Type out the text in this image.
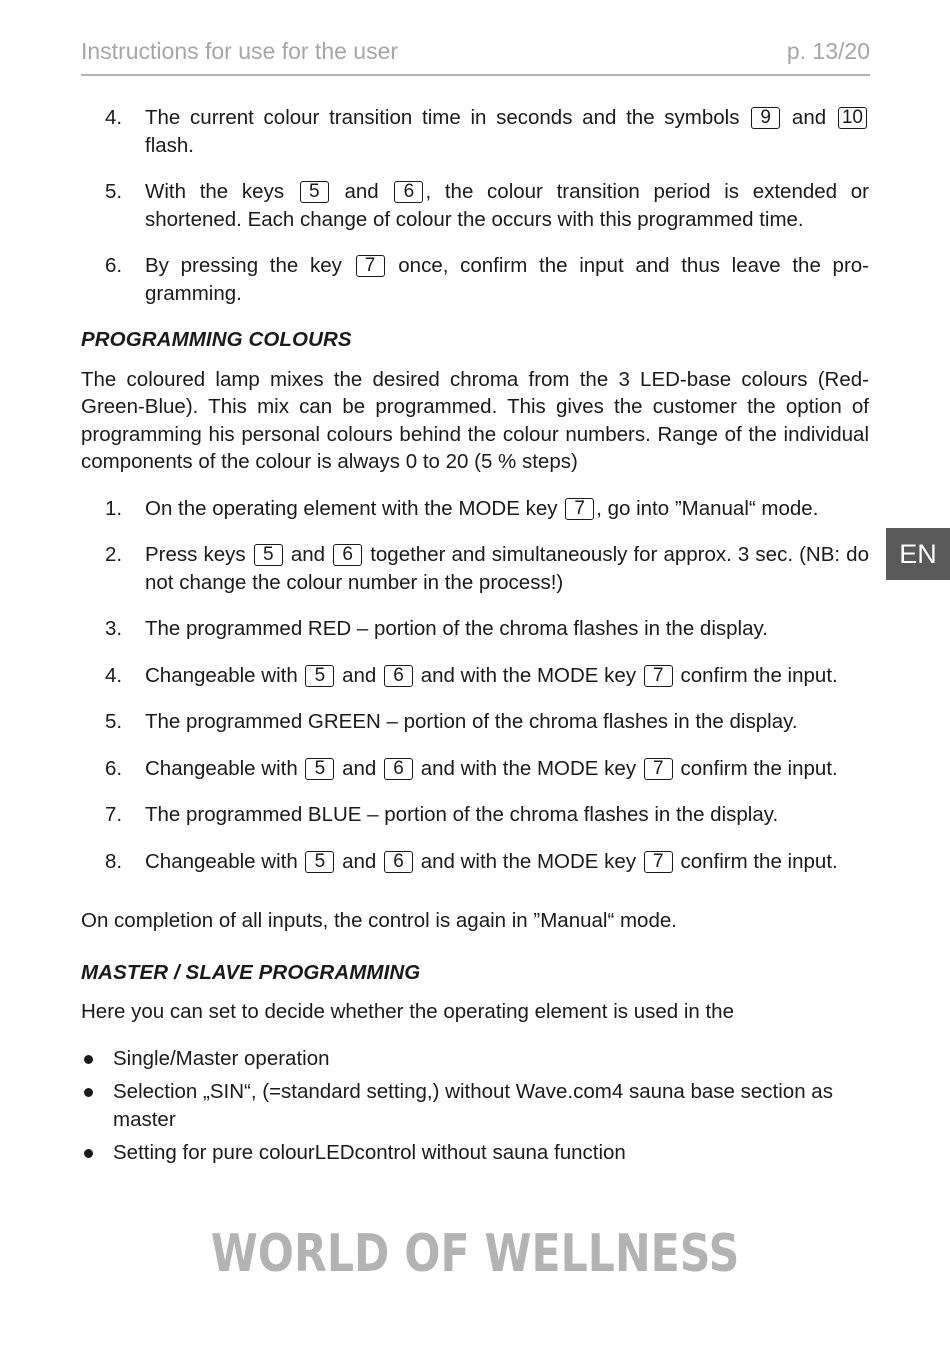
Instructions for use for the user	p. 13/20
EN
4. The current colour transition time in seconds and the symbols 9 and 10 flash.
5. With the keys 5 and 6 , the colour transition period is extended or shortened. Each change of colour the occurs with this programmed time.
6. By pressing the key 7 once, confirm the input and thus leave the pro-gramming.
PROGRAMMING COLOURS

The coloured lamp mixes the desired chroma from the 3 LED-base colours (Red-Green-Blue). This mix can be programmed. This gives the customer the option of programming his personal colours behind the colour numbers. Range of the individual components of the colour is always 0 to 20 (5 % steps)

1. On the operating element with the MODE key 7 , go into ”Manual“ mode.
2. Press keys 5 and 6 together and simultaneously for approx. 3 sec. (NB: do not change the colour number in the process!)
3. The programmed RED – portion of the chroma flashes in the display.
4. Changeable with 5 and 6 and with the MODE key 7 confirm the input.
5. The programmed GREEN – portion of the chroma flashes in the display.
6. Changeable with 5 and 6 and with the MODE key 7 confirm the input.
7. The programmed BLUE – portion of the chroma flashes in the display.
8. Changeable with 5 and 6 and with the MODE key 7 confirm the input.

On completion of all inputs, the control is again in ”Manual“ mode.

MASTER / SLAVE PROGRAMMING

Here you can set to decide whether the operating element is used in the

Single/Master operation
Selection „SIN“, (=standard setting,) without Wave.com4 sauna base section as master
Setting for pure colourLEDcontrol without sauna function
WORLD OF WELLNESS
